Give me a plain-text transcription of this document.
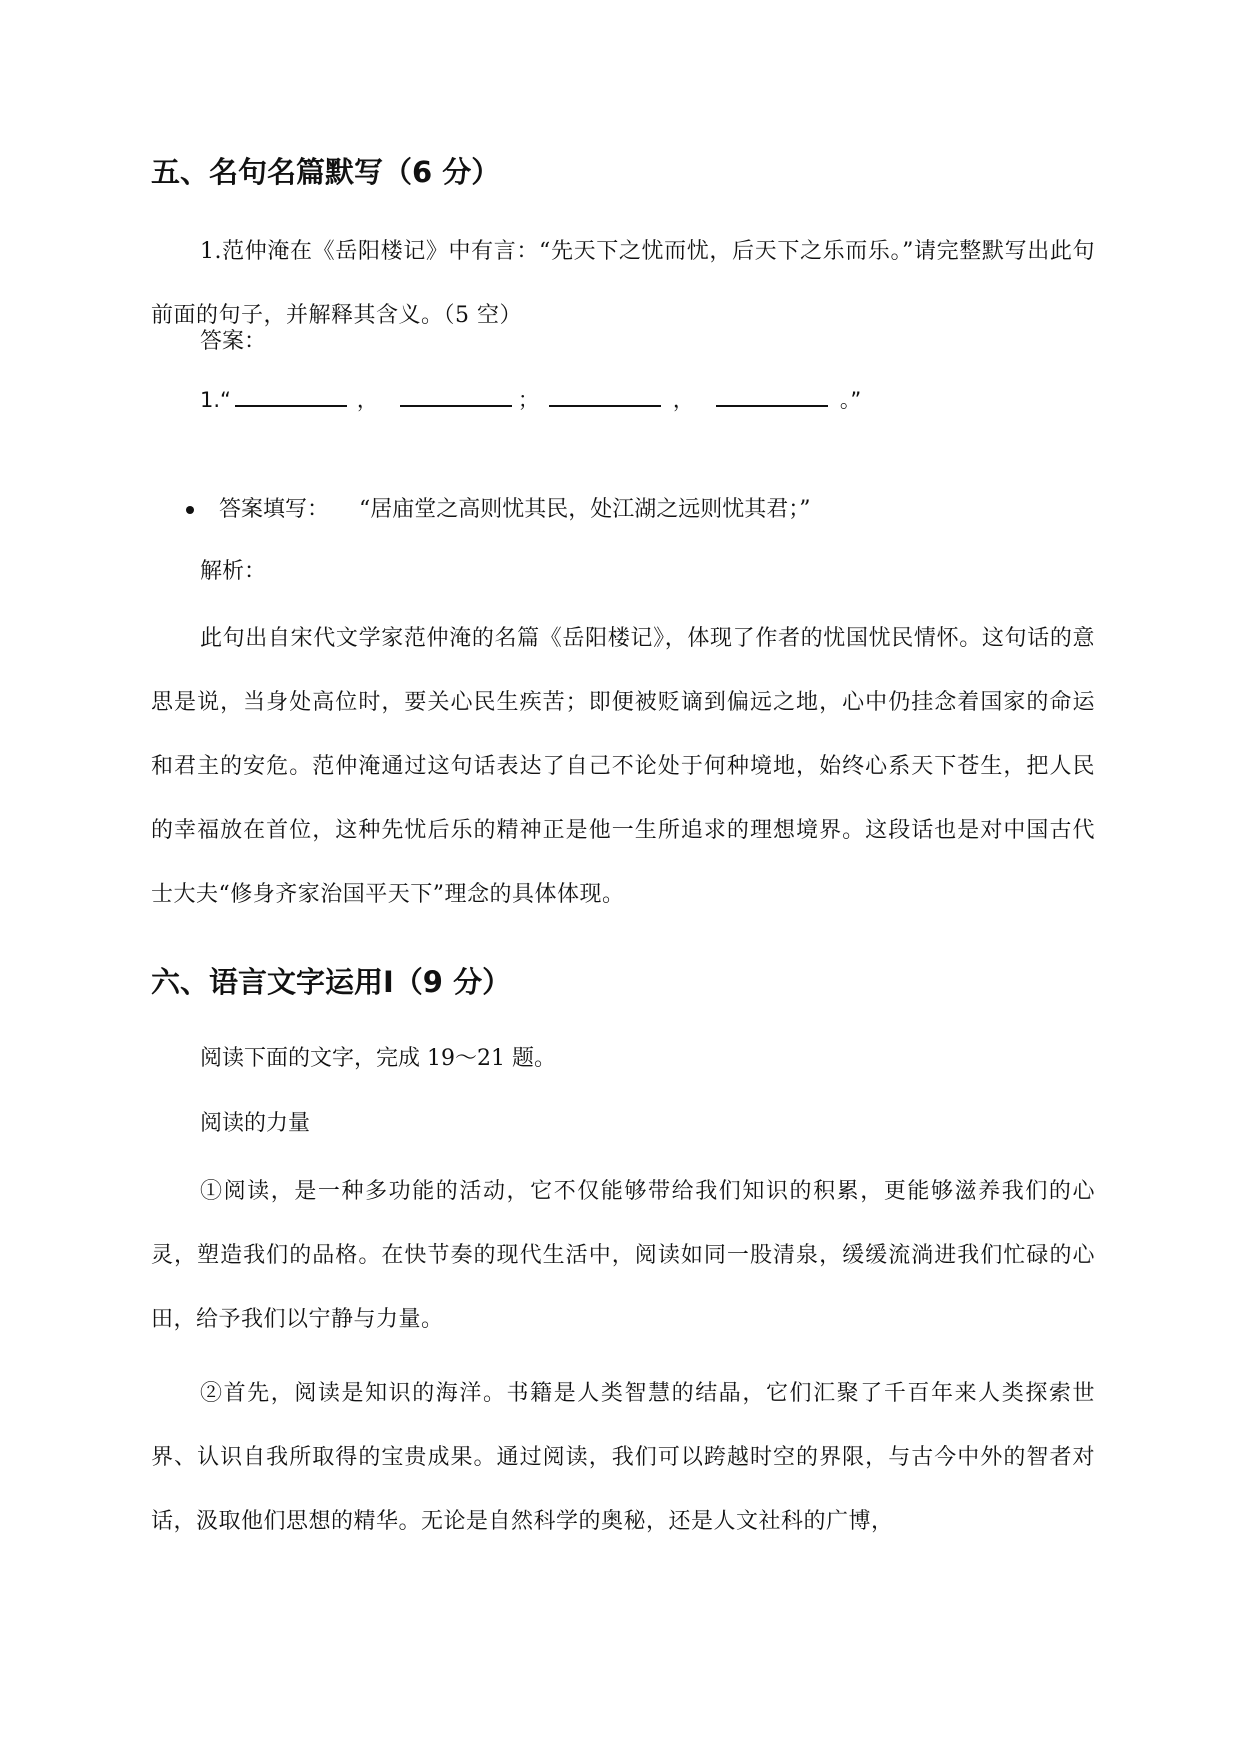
五、名句名篇默写（6 分）

1.范仲淹在《岳阳楼记》中有言：“先天下之忧而忧，后天下之乐而乐。”请完整默写出此句前面的句子，并解释其含义。（5 空）

答案：

1.“	，	；	，	。”

答案填写： “居庙堂之高则忧其民，处江湖之远则忧其君；”

解析：

此句出自宋代文学家范仲淹的名篇《岳阳楼记》，体现了作者的忧国忧民情怀。这句话的意思是说，当身处高位时，要关心民生疾苦；即便被贬谪到偏远之地，心中仍挂念着国家的命运和君主的安危。范仲淹通过这句话表达了自己不论处于何种境地，始终心系天下苍生，把人民的幸福放在首位，这种先忧后乐的精神正是他一生所追求的理想境界。这段话也是对中国古代士大夫“修身齐家治国平天下”理念的具体体现。

六、语言文字运用Ⅰ（9 分）

阅读下面的文字，完成 19～21 题。

阅读的力量

①阅读，是一种多功能的活动，它不仅能够带给我们知识的积累，更能够滋养我们的心灵，塑造我们的品格。在快节奏的现代生活中，阅读如同一股清泉，缓缓流淌进我们忙碌的心田，给予我们以宁静与力量。

②首先，阅读是知识的海洋。书籍是人类智慧的结晶，它们汇聚了千百年来人类探索世界、认识自我所取得的宝贵成果。通过阅读，我们可以跨越时空的界限，与古今中外的智者对话，汲取他们思想的精华。无论是自然科学的奥秘，还是人文社科的广博，
